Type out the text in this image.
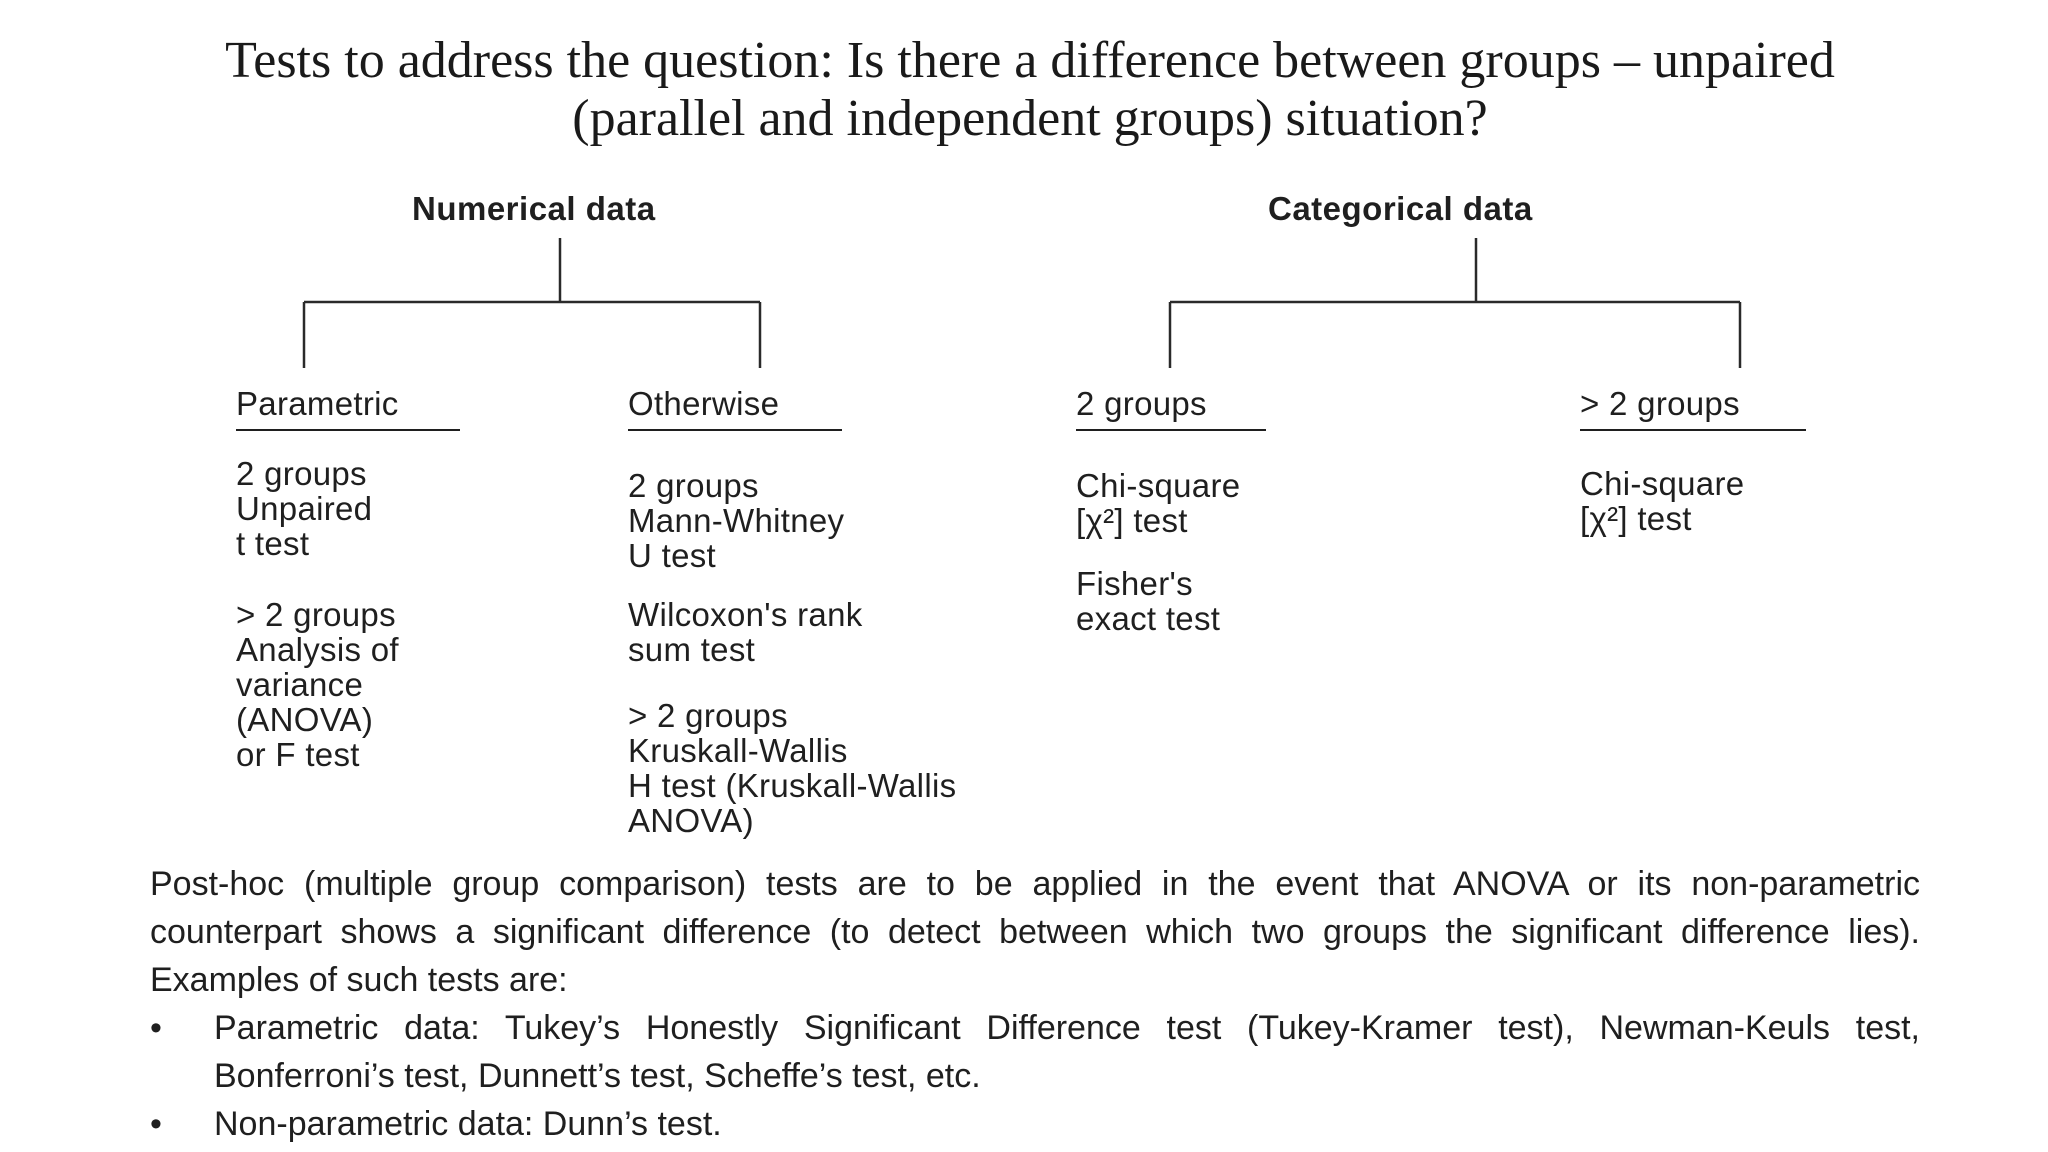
Tests to address the question: Is there a difference between groups – unpaired
(parallel and independent groups) situation?
Numerical data	Categorical data
Parametric	Otherwise	2 groups	> 2 groups
2 groups
Unpaired
t test
> 2 groups
Analysis of
variance
(ANOVA)
or F test
2 groups
Mann-Whitney
U test
Wilcoxon's rank
sum test
> 2 groups
Kruskall-Wallis
H test (Kruskall-Wallis
ANOVA)
Chi-square
[χ²] test
Fisher's
exact test
Chi-square
[χ²] test

Post-hoc (multiple group comparison) tests are to be applied in the event that ANOVA or its non-parametric counterpart shows a significant difference (to detect between which two groups the significant difference lies). Examples of such tests are:

• Parametric data: Tukey’s Honestly Significant Difference test (Tukey-Kramer test), Newman-Keuls test, Bonferroni’s test, Dunnett’s test, Scheffe’s test, etc.
• Non-parametric data: Dunn’s test.
